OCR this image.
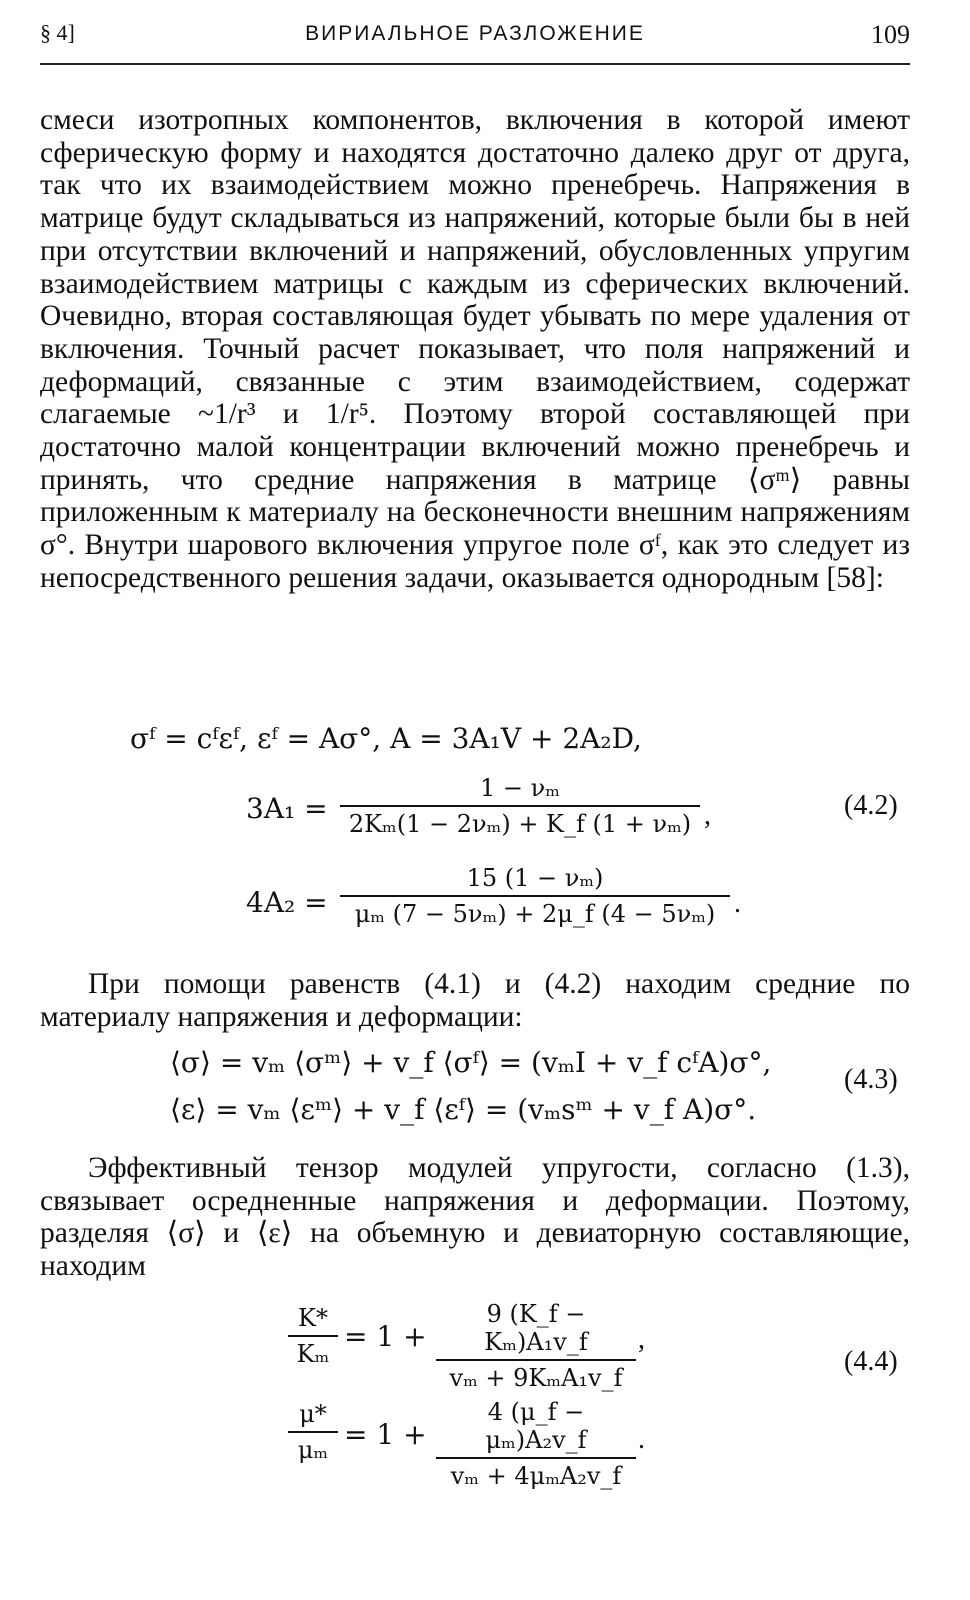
§ 4]	ВИРИАЛЬНОЕ РАЗЛОЖЕНИЕ	109

смеси изотропных компонентов, включения в которой имеют сферическую форму и находятся достаточно далеко друг от друга, так что их взаимодействием можно пренебречь. Напряжения в матрице будут складываться из напряжений, которые были бы в ней при отсутствии включений и напряжений, обусловленных упругим взаимодействием матрицы с каждым из сферических включений. Очевидно, вторая составляющая будет убывать по мере удаления от включения. Точный расчет показывает, что поля напряжений и деформаций, связанные с этим взаимодействием, содержат слагаемые ~1/r³ и 1/r⁵. Поэтому второй составляющей при достаточно малой концентрации включений можно пренебречь и принять, что средние напряжения в матрице ⟨σᵐ⟩ равны приложенным к материалу на бесконечности внешним напряжениям σ°. Внутри шарового включения упругое поле σᶠ, как это следует из непосредственного решения задачи, оказывается однородным [58]:

σᶠ = cᶠεᶠ, εᶠ = Aσ°, A = 3A₁V + 2A₂D,
3A₁ =
1 − νₘ
2Kₘ(1 − 2νₘ) + K_f (1 + νₘ) ,	(4.2)
4A₂ =
15 (1 − νₘ)
μₘ (7 − 5νₘ) + 2μ_f (4 − 5νₘ) .

При помощи равенств (4.1) и (4.2) находим средние по материалу напряжения и деформации:

⟨σ⟩ = vₘ ⟨σᵐ⟩ + v_f ⟨σᶠ⟩ = (vₘI + v_f cᶠA)σ°,
⟨ε⟩ = vₘ ⟨εᵐ⟩ + v_f ⟨εᶠ⟩ = (vₘsᵐ + v_f A)σ°.
(4.3)

Эффективный тензор модулей упругости, согласно (1.3), связывает осредненные напряжения и деформации. Поэтому, разделяя ⟨σ⟩ и ⟨ε⟩ на объемную и девиаторную составляющие, находим

K*
Kₘ
= 1 +
9 (K_f − Kₘ)A₁v_f
vₘ + 9KₘA₁v_f
,
(4.4)
μ*
μₘ = 1 +
4 (μ_f − μₘ)A₂v_f
vₘ + 4μₘA₂v_f
.
